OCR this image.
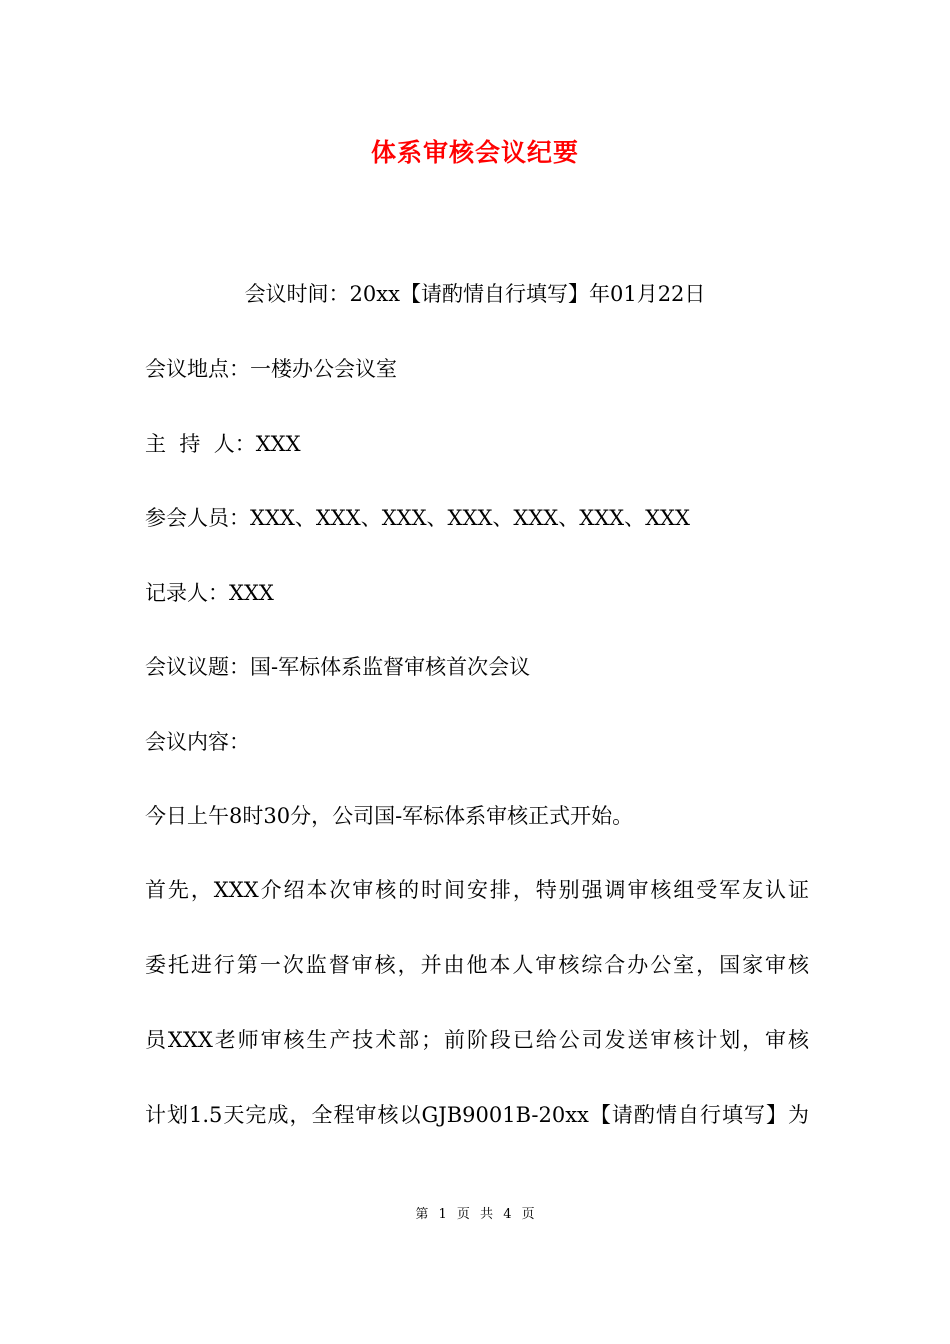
体系审核会议纪要
会议时间：20xx【请酌情自行填写】年01月22日
会议地点：一楼办公会议室
主  持  人：XXX
参会人员：XXX、XXX、XXX、XXX、XXX、XXX、XXX
记录人：XXX
会议议题：国-军标体系监督审核首次会议
会议内容：
今日上午8时30分，公司国-军标体系审核正式开始。
首先，XXX介绍本次审核的时间安排，特别强调审核组受军友认证
委托进行第一次监督审核，并由他本人审核综合办公室，国家审核
员XXX老师审核生产技术部；前阶段已给公司发送审核计划，审核
计划1.5天完成，全程审核以GJB9001B-20xx【请酌情自行填写】为
第 1 页 共 4 页
